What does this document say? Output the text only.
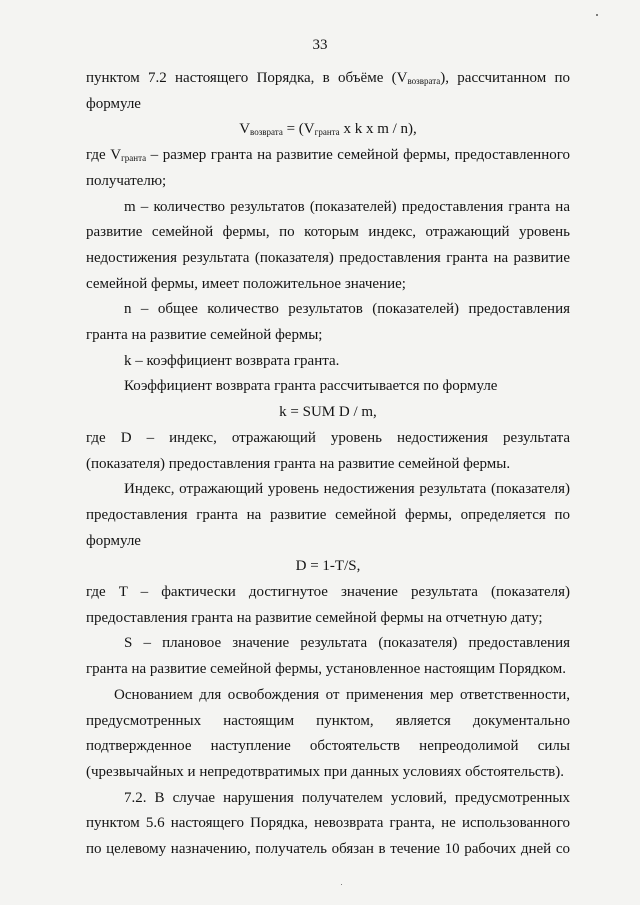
33

пунктом 7.2 настоящего Порядка, в объёме $(V_{возврата})$, рассчитанном по

формуле

$V_{возврата} = (V_{гранта}$ x k x m / n),

где $V_{гранта}$ – размер гранта на развитие семейной фермы, предоставленного

получателю;

m – количество результатов (показателей) предоставления гранта на

развитие семейной фермы, по которым индекс, отражающий уровень

недостижения результата (показателя) предоставления гранта на развитие

семейной фермы, имеет положительное значение;

n – общее количество результатов (показателей) предоставления

гранта на развитие семейной фермы;

k – коэффициент возврата гранта.

Коэффициент возврата гранта рассчитывается по формуле

k = SUM D / m,

где D – индекс, отражающий уровень недостижения результата

(показателя) предоставления гранта на развитие семейной фермы.

Индекс, отражающий уровень недостижения результата (показателя)

предоставления гранта на развитие семейной фермы, определяется по

формуле

D = 1-T/S,

где T – фактически достигнутое значение результата (показателя)

предоставления гранта на развитие семейной фермы на отчетную дату;

S – плановое значение результата (показателя) предоставления

гранта на развитие семейной фермы, установленное настоящим Порядком.

Основанием для освобождения от применения мер ответственности,

предусмотренных настоящим пунктом, является документально

подтвержденное наступление обстоятельств непреодолимой силы

(чрезвычайных и непредотвратимых при данных условиях обстоятельств).

7.2. В случае нарушения получателем условий, предусмотренных

пунктом 5.6 настоящего Порядка, невозврата гранта, не использованного

по целевому назначению, получатель обязан в течение 10 рабочих дней со
